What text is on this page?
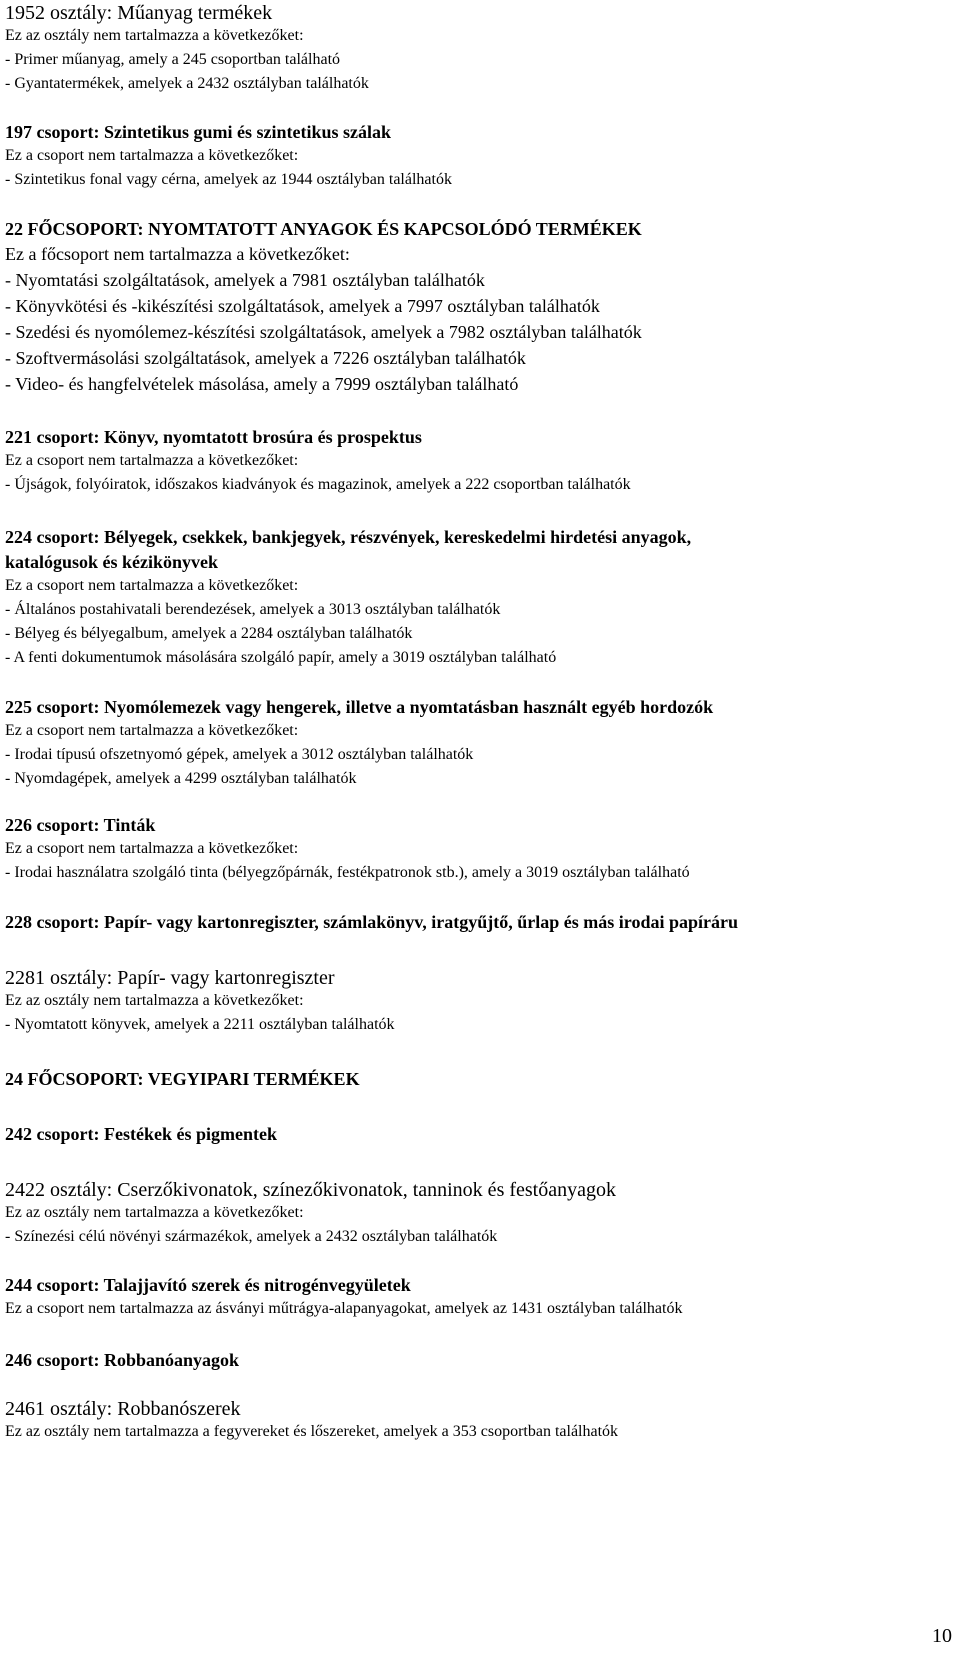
1952 osztály: Műanyag termékek
Ez az osztály nem tartalmazza a következőket:
- Primer műanyag, amely a 245 csoportban található
- Gyantatermékek, amelyek a 2432 osztályban találhatók
197 csoport: Szintetikus gumi és szintetikus szálak
Ez a csoport nem tartalmazza a következőket:
- Szintetikus fonal vagy cérna, amelyek az 1944 osztályban találhatók
22 FŐCSOPORT: NYOMTATOTT ANYAGOK ÉS KAPCSOLÓDÓ TERMÉKEK
Ez a főcsoport nem tartalmazza a következőket:
- Nyomtatási szolgáltatások, amelyek a 7981 osztályban találhatók
- Könyvkötési és -kikészítési szolgáltatások, amelyek a 7997 osztályban találhatók
- Szedési és nyomólemez-készítési szolgáltatások, amelyek a 7982 osztályban találhatók
- Szoftvermásolási szolgáltatások, amelyek a 7226 osztályban találhatók
- Video- és hangfelvételek másolása, amely a 7999 osztályban található
221 csoport: Könyv, nyomtatott brosúra és prospektus
Ez a csoport nem tartalmazza a következőket:
- Újságok, folyóiratok, időszakos kiadványok és magazinok, amelyek a 222 csoportban találhatók
224 csoport: Bélyegek, csekkek, bankjegyek, részvények, kereskedelmi hirdetési anyagok,
katalógusok és kézikönyvek
Ez a csoport nem tartalmazza a következőket:
- Általános postahivatali berendezések, amelyek a 3013 osztályban találhatók
- Bélyeg és bélyegalbum, amelyek a 2284 osztályban találhatók
- A fenti dokumentumok másolására szolgáló papír, amely a 3019 osztályban található
225 csoport: Nyomólemezek vagy hengerek, illetve a nyomtatásban használt egyéb hordozók
Ez a csoport nem tartalmazza a következőket:
- Irodai típusú ofszetnyomó gépek, amelyek a 3012 osztályban találhatók
- Nyomdagépek, amelyek a 4299 osztályban találhatók
226 csoport: Tinták
Ez a csoport nem tartalmazza a következőket:
- Irodai használatra szolgáló tinta (bélyegzőpárnák, festékpatronok stb.), amely a 3019 osztályban található
228 csoport: Papír- vagy kartonregiszter, számlakönyv, iratgyűjtő, űrlap és más irodai papíráru
2281 osztály: Papír- vagy kartonregiszter
Ez az osztály nem tartalmazza a következőket:
- Nyomtatott könyvek, amelyek a 2211 osztályban találhatók
24 FŐCSOPORT: VEGYIPARI TERMÉKEK
242 csoport: Festékek és pigmentek
2422 osztály: Cserzőkivonatok, színezőkivonatok, tanninok és festőanyagok
Ez az osztály nem tartalmazza a következőket:
- Színezési célú növényi származékok, amelyek a 2432 osztályban találhatók
244 csoport: Talajjavító szerek és nitrogénvegyületek
Ez a csoport nem tartalmazza az ásványi műtrágya-alapanyagokat, amelyek az 1431 osztályban találhatók
246 csoport: Robbanóanyagok
2461 osztály: Robbanószerek
Ez az osztály nem tartalmazza a fegyvereket és lőszereket, amelyek a 353 csoportban találhatók
10
